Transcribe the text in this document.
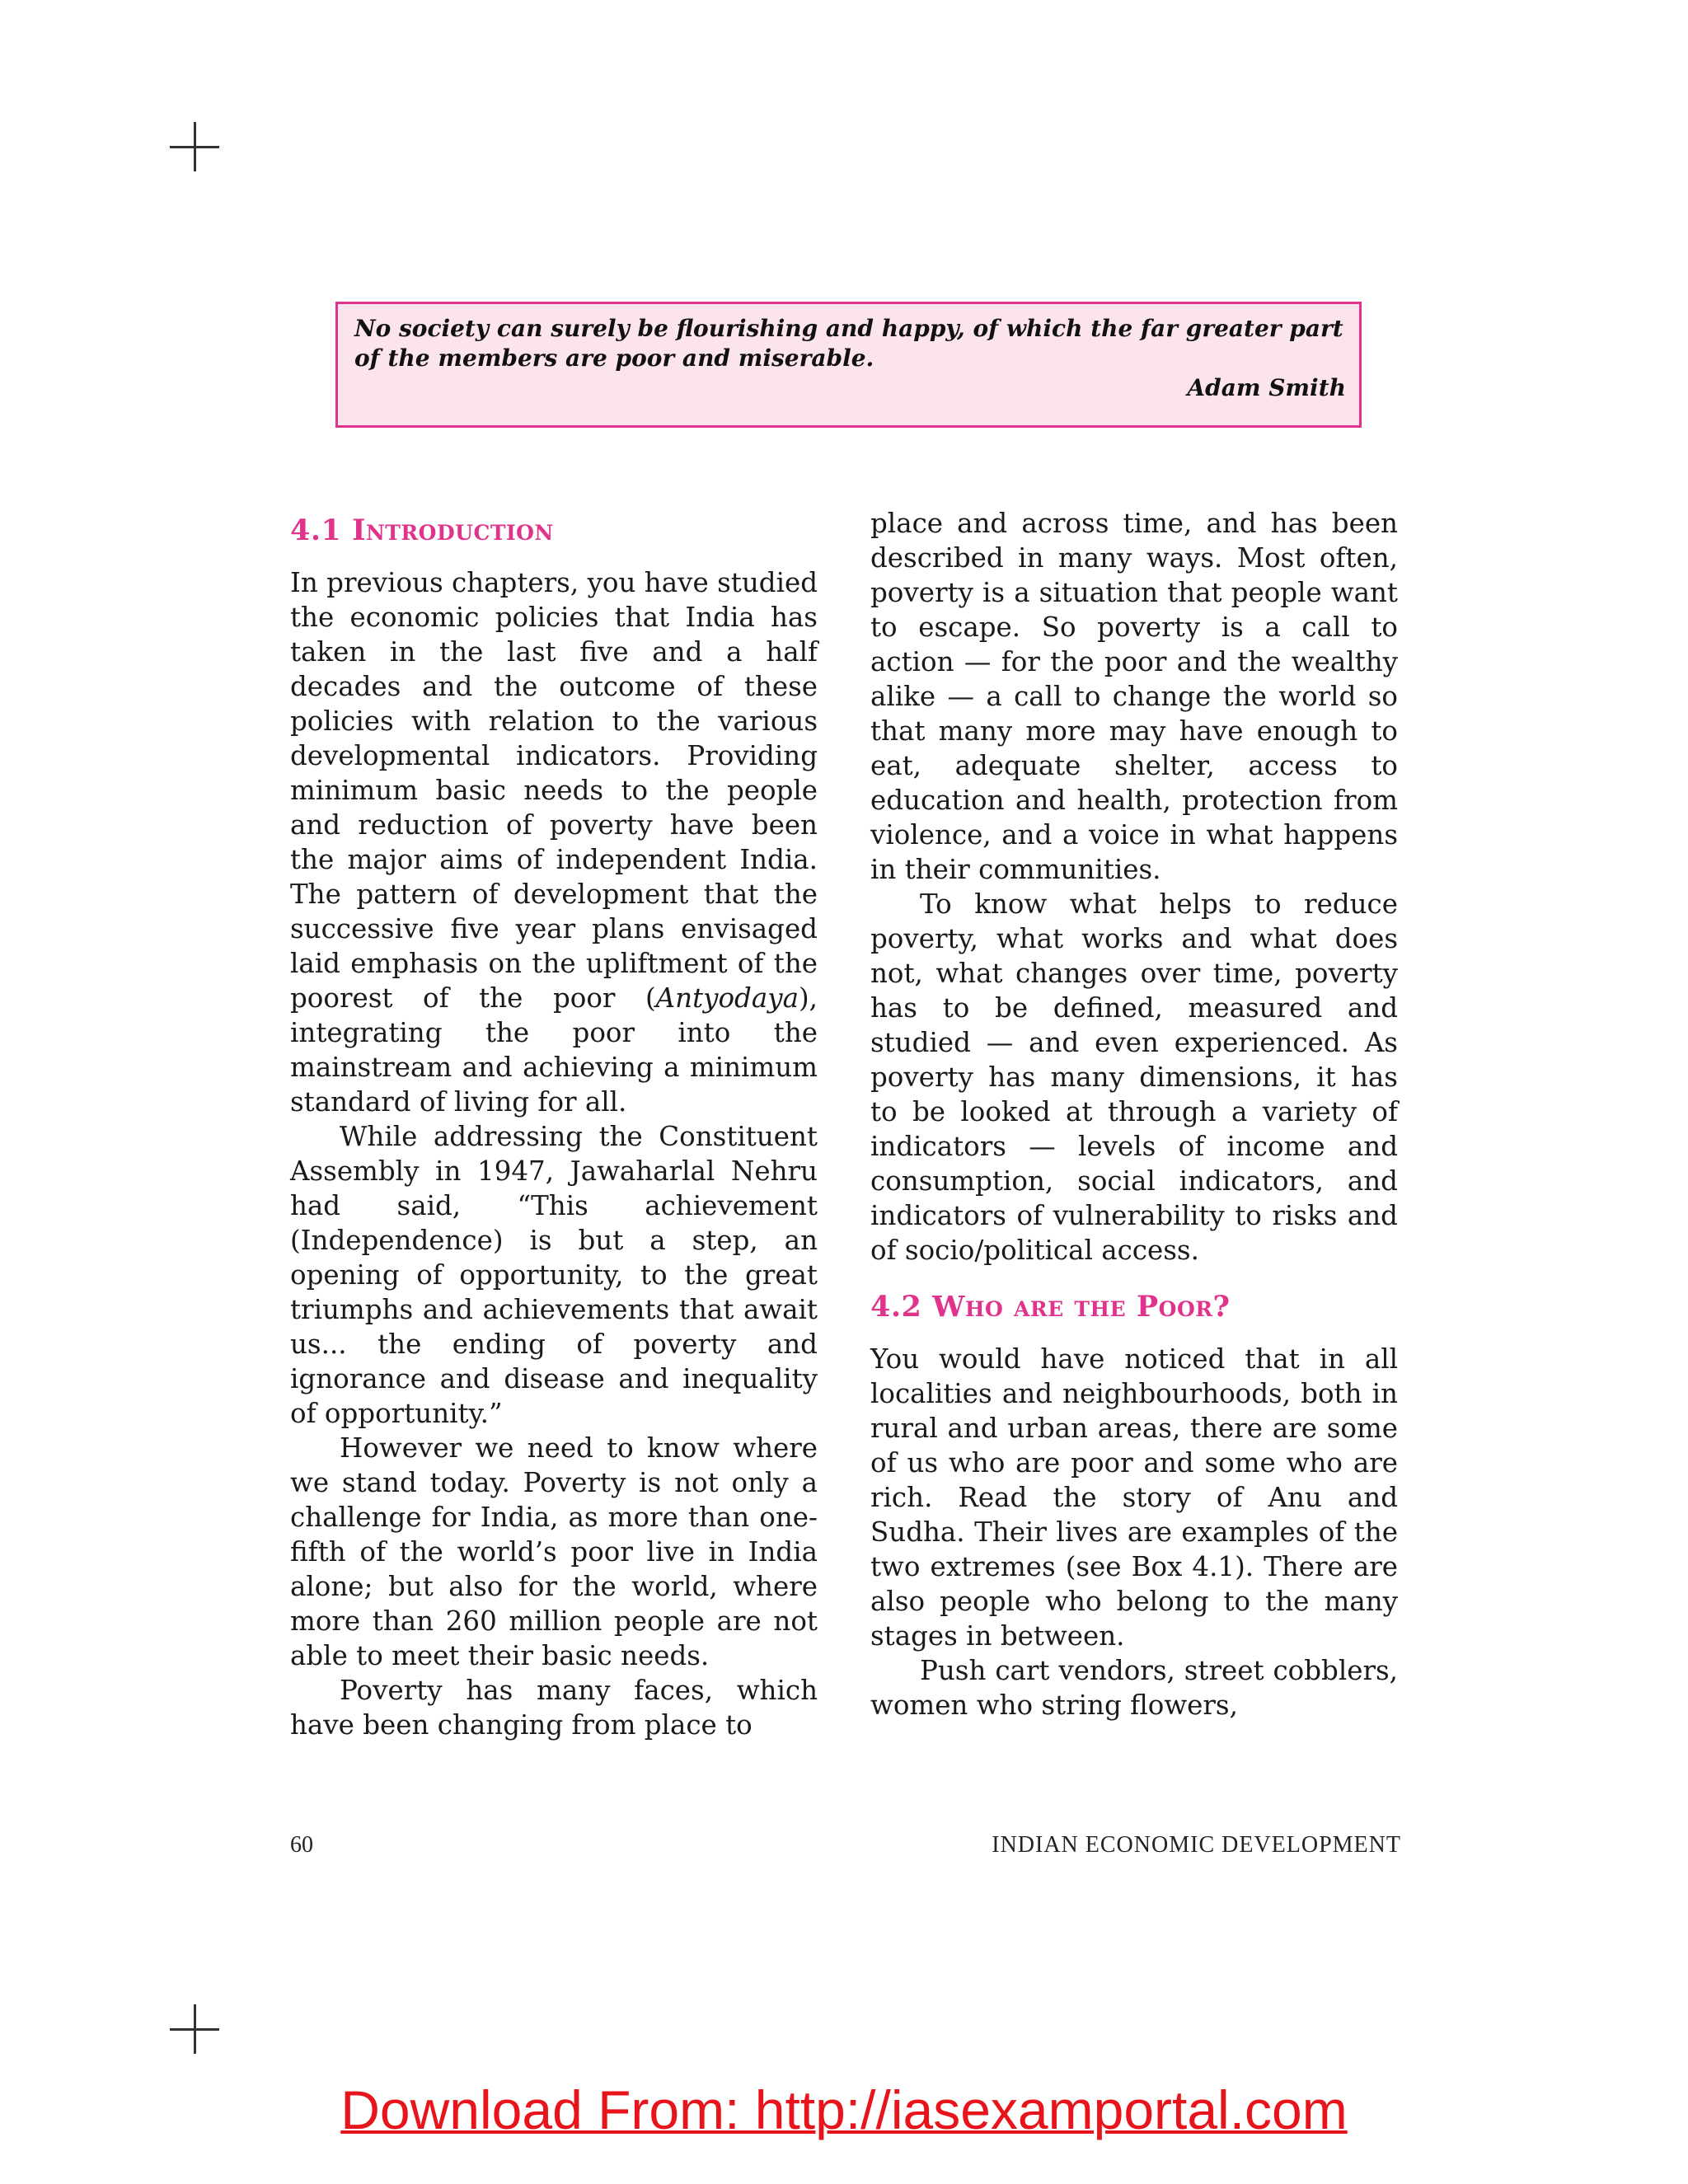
No society can surely be flourishing and happy, of which the far greater part of the members are poor and miserable.
Adam Smith
4.1 Introduction

In previous chapters, you have studied the economic policies that India has taken in the last five and a half decades and the outcome of these policies with relation to the various developmental indicators. Providing minimum basic needs to the people and reduction of poverty have been the major aims of independent India. The pattern of development that the successive five year plans envisaged laid emphasis on the upliftment of the poorest of the poor (Antyodaya), integrating the poor into the mainstream and achieving a minimum standard of living for all.

While addressing the Constituent Assembly in 1947, Jawaharlal Nehru had said, “This achievement (Independence) is but a step, an opening of opportunity, to the great triumphs and achievements that await us... the ending of poverty and ignorance and disease and inequality of opportunity.”

However we need to know where we stand today. Poverty is not only a challenge for India, as more than one-fifth of the world’s poor live in India alone; but also for the world, where more than 260 million people are not able to meet their basic needs.

Poverty has many faces, which have been changing from place to

place and across time, and has been described in many ways. Most often, poverty is a situation that people want to escape. So poverty is a call to action — for the poor and the wealthy alike — a call to change the world so that many more may have enough to eat, adequate shelter, access to education and health, protection from violence, and a voice in what happens in their communities.

To know what helps to reduce poverty, what works and what does not, what changes over time, poverty has to be defined, measured and studied — and even experienced. As poverty has many dimensions, it has to be looked at through a variety of indicators — levels of income and consumption, social indicators, and indicators of vulnerability to risks and of socio/political access.

4.2 Who are the Poor?

You would have noticed that in all localities and neighbourhoods, both in rural and urban areas, there are some of us who are poor and some who are rich. Read the story of Anu and Sudha. Their lives are examples of the two extremes (see Box 4.1). There are also people who belong to the many stages in between.

Push cart vendors, street cobblers, women who string flowers,

60	INDIAN ECONOMIC DEVELOPMENT
Download From: http://iasexamportal.com
